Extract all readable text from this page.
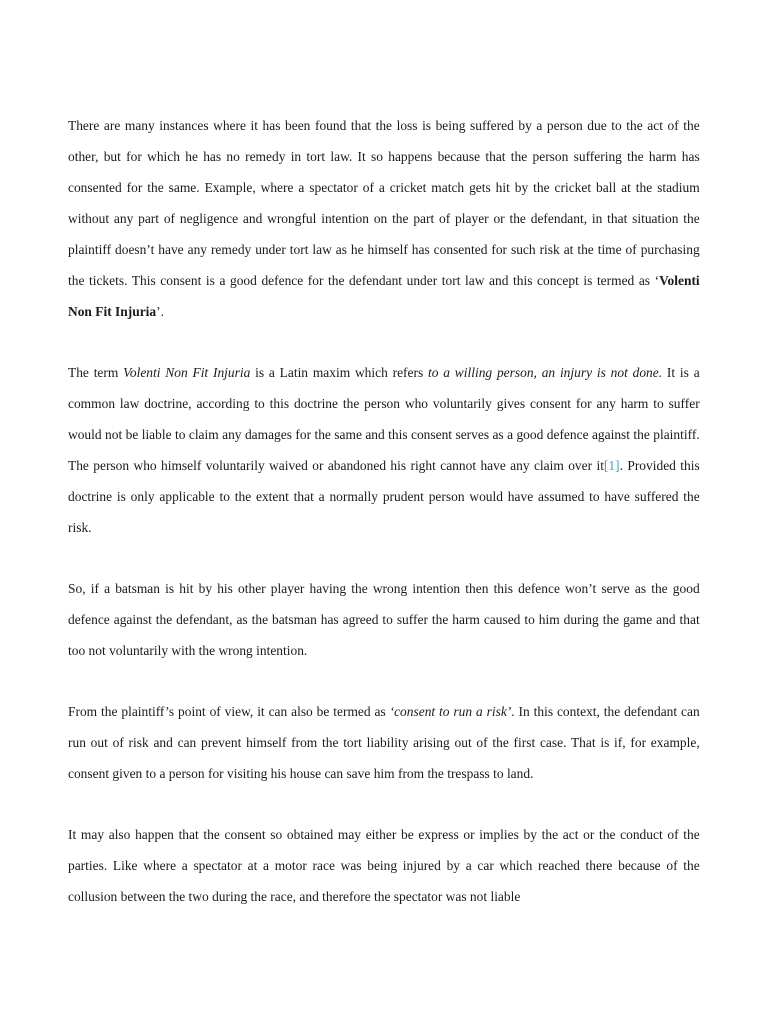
There are many instances where it has been found that the loss is being suffered by a person due to the act of the other, but for which he has no remedy in tort law. It so happens because that the person suffering the harm has consented for the same. Example, where a spectator of a cricket match gets hit by the cricket ball at the stadium without any part of negligence and wrongful intention on the part of player or the defendant, in that situation the plaintiff doesn’t have any remedy under tort law as he himself has consented for such risk at the time of purchasing the tickets. This consent is a good defence for the defendant under tort law and this concept is termed as ‘Volenti Non Fit Injuria’.

The term Volenti Non Fit Injuria is a Latin maxim which refers to a willing person, an injury is not done. It is a common law doctrine, according to this doctrine the person who voluntarily gives consent for any harm to suffer would not be liable to claim any damages for the same and this consent serves as a good defence against the plaintiff. The person who himself voluntarily waived or abandoned his right cannot have any claim over it[1]. Provided this doctrine is only applicable to the extent that a normally prudent person would have assumed to have suffered the risk.

So, if a batsman is hit by his other player having the wrong intention then this defence won’t serve as the good defence against the defendant, as the batsman has agreed to suffer the harm caused to him during the game and that too not voluntarily with the wrong intention.

From the plaintiff’s point of view, it can also be termed as ‘consent to run a risk’. In this context, the defendant can run out of risk and can prevent himself from the tort liability arising out of the first case. That is if, for example, consent given to a person for visiting his house can save him from the trespass to land.

It may also happen that the consent so obtained may either be express or implies by the act or the conduct of the parties. Like where a spectator at a motor race was being injured by a car which reached there because of the collusion between the two during the race, and therefore the spectator was not liable
